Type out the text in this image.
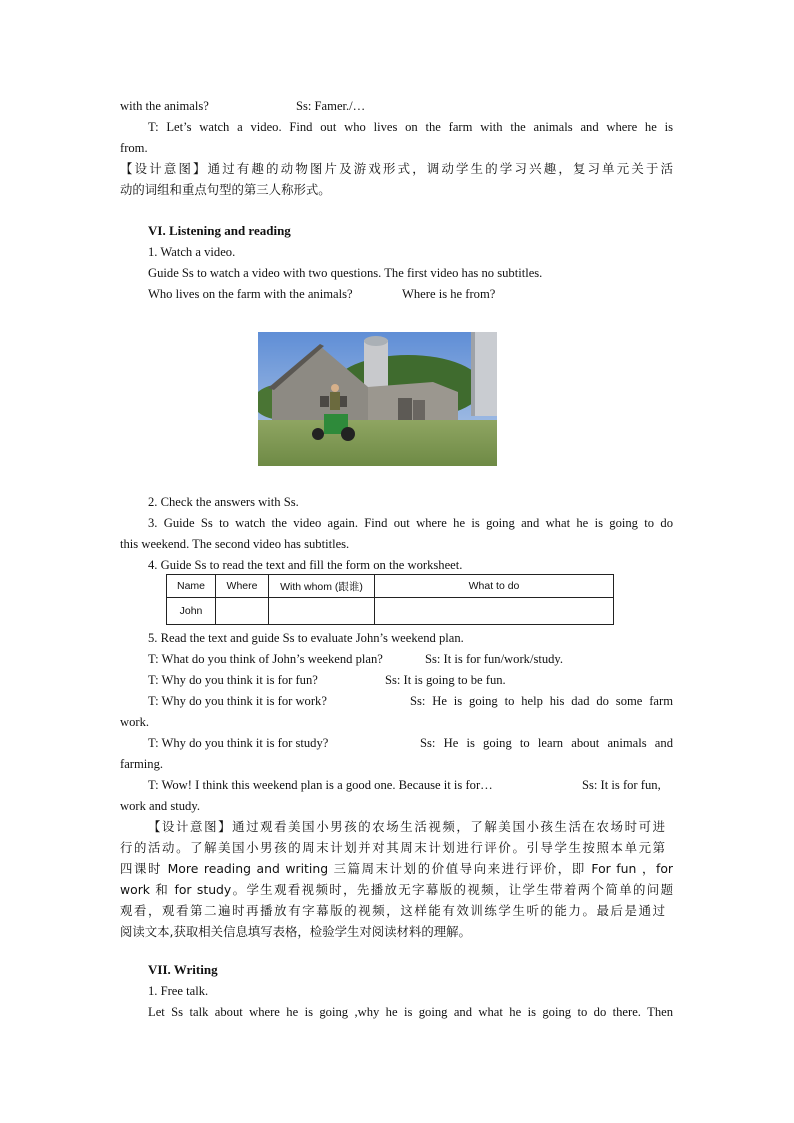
with the animals?	Ss: Famer./…
T: Let’s watch a video. Find out who lives on the farm with the animals and where he is
from.
【设计意图】通过有趣的动物图片及游戏形式，调动学生的学习兴趣，复习单元关于活
动的词组和重点句型的第三人称形式。
VI. Listening and reading
1. Watch a video.
Guide Ss to watch a video with two questions. The first video has no subtitles.
Who lives on the farm with the animals?	Where is he from?
2. Check the answers with Ss.
3. Guide Ss to watch the video again. Find out where he is going and what he is going to do
this weekend. The second video has subtitles.
4. Guide Ss to read the text and fill the form on the worksheet.
Name	Where	With whom (跟谁)	What to do
John			
5. Read the text and guide Ss to evaluate John’s weekend plan.
T: What do you think of John’s weekend plan?	Ss: It is for fun/work/study.
T: Why do you think it is for fun?	Ss: It is going to be fun.
T: Why do you think it is for work?	Ss: He is going to help his dad do some farm
work.
T: Why do you think it is for study?	Ss: He is going to learn about animals and
farming.
T: Wow! I think this weekend plan is a good one. Because it is for…	Ss: It is for fun,
work and study.
【设计意图】通过观看美国小男孩的农场生活视频，了解美国小孩生活在农场时可进
行的活动。了解美国小男孩的周末计划并对其周末计划进行评价。引导学生按照本单元第
四课时 More reading and writing 三篇周末计划的价值导向来进行评价，即 For fun ，for
work 和 for study。学生观看视频时，先播放无字幕版的视频，让学生带着两个简单的问题
观看，观看第二遍时再播放有字幕版的视频，这样能有效训练学生听的能力。最后是通过
阅读文本,获取相关信息填写表格，检验学生对阅读材料的理解。
VII. Writing
1. Free talk.
Let Ss talk about where he is going ,why he is going and what he is going to do there. Then
